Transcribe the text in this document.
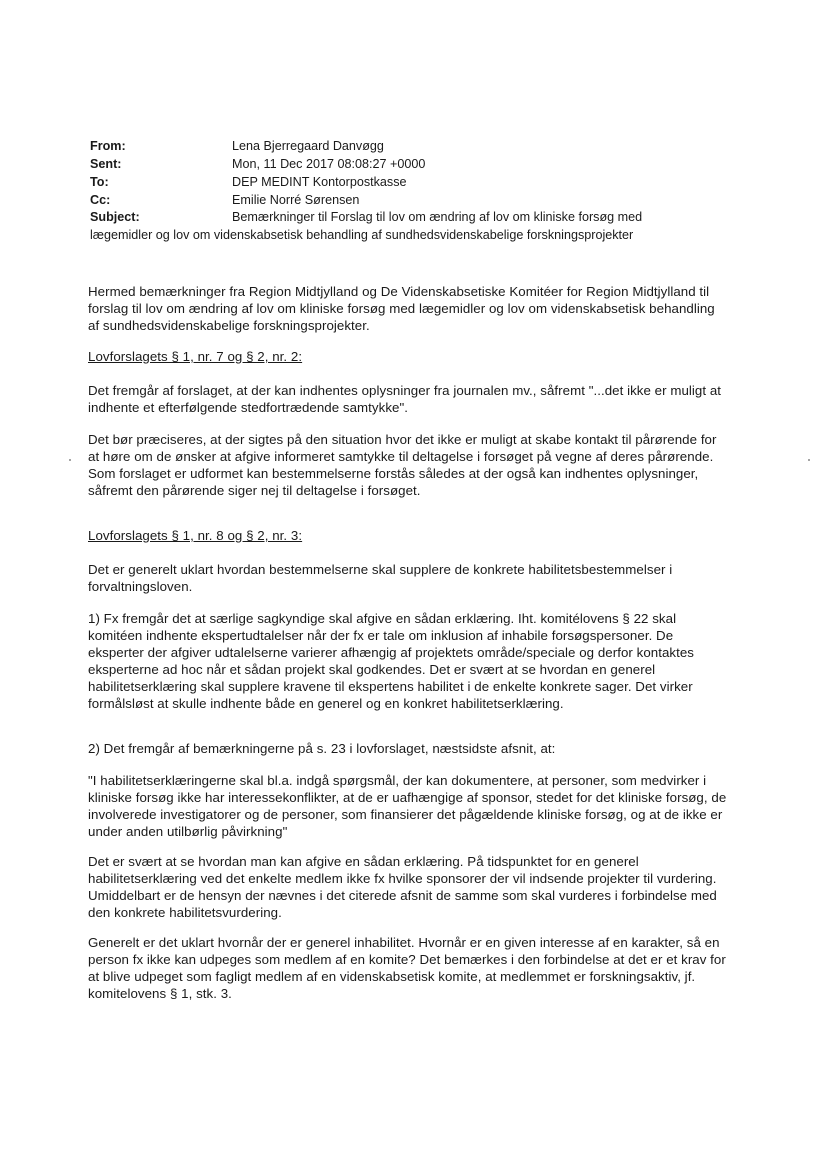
From:	Lena Bjerregaard Danvøgg
Sent:	Mon, 11 Dec 2017 08:08:27 +0000
To:	DEP MEDINT Kontorpostkasse
Cc:	Emilie Norré Sørensen
Subject:	Bemærkninger til Forslag til lov om ændring af lov om kliniske forsøg med
lægemidler og lov om videnskabsetisk behandling af sundhedsvidenskabelige forskningsprojekter

Hermed bemærkninger fra Region Midtjylland og De Videnskabsetiske Komitéer for Region Midtjylland til forslag til lov om ændring af lov om kliniske forsøg med lægemidler og lov om videnskabsetisk behandling af sundhedsvidenskabelige forskningsprojekter.

Lovforslagets § 1, nr. 7 og § 2, nr. 2:

Det fremgår af forslaget, at der kan indhentes oplysninger fra journalen mv., såfremt "...det ikke er muligt at indhente et efterfølgende stedfortrædende samtykke".

Det bør præciseres, at der sigtes på den situation hvor det ikke er muligt at skabe kontakt til pårørende for at høre om de ønsker at afgive informeret samtykke til deltagelse i forsøget på vegne af deres pårørende. Som forslaget er udformet kan bestemmelserne forstås således at der også kan indhentes oplysninger, såfremt den pårørende siger nej til deltagelse i forsøget.

Lovforslagets § 1, nr. 8 og § 2, nr. 3:

Det er generelt uklart hvordan bestemmelserne skal supplere de konkrete habilitetsbestemmelser i forvaltningsloven.

1) Fx fremgår det at særlige sagkyndige skal afgive en sådan erklæring. Iht. komitélovens § 22 skal komitéen indhente ekspertudtalelser når der fx er tale om inklusion af inhabile forsøgspersoner. De eksperter der afgiver udtalelserne varierer afhængig af projektets område/speciale og derfor kontaktes eksperterne ad hoc når et sådan projekt skal godkendes. Det er svært at se hvordan en generel habilitetserklæring skal supplere kravene til ekspertens habilitet i de enkelte konkrete sager. Det virker formålsløst at skulle indhente både en generel og en konkret habilitetserklæring.

2) Det fremgår af bemærkningerne på s. 23 i lovforslaget, næstsidste afsnit, at:

"I habilitetserklæringerne skal bl.a. indgå spørgsmål, der kan dokumentere, at personer, som medvirker i kliniske forsøg ikke har interessekonflikter, at de er uafhængige af sponsor, stedet for det kliniske forsøg, de involverede investigatorer og de personer, som finansierer det pågældende kliniske forsøg, og at de ikke er under anden utilbørlig påvirkning"

Det er svært at se hvordan man kan afgive en sådan erklæring. På tidspunktet for en generel habilitetserklæring ved det enkelte medlem ikke fx hvilke sponsorer der vil indsende projekter til vurdering. Umiddelbart er de hensyn der nævnes i det citerede afsnit de samme som skal vurderes i forbindelse med den konkrete habilitetsvurdering.

Generelt er det uklart hvornår der er generel inhabilitet. Hvornår er en given interesse af en karakter, så en person fx ikke kan udpeges som medlem af en komite? Det bemærkes i den forbindelse at det er et krav for at blive udpeget som fagligt medlem af en videnskabsetisk komite, at medlemmet er forskningsaktiv, jf. komitelovens § 1, stk. 3.
